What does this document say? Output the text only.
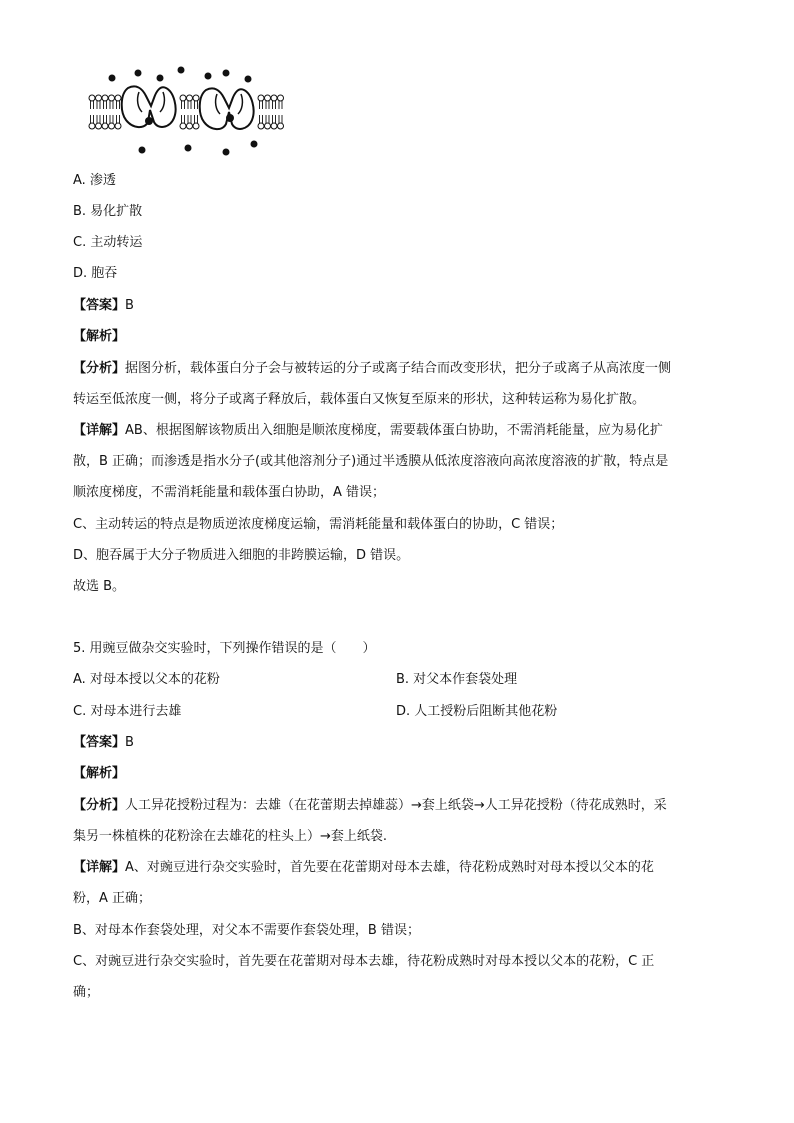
A. 渗透
B. 易化扩散
C. 主动转运
D. 胞吞
【答案】B
【解析】
【分析】据图分析，载体蛋白分子会与被转运的分子或离子结合而改变形状，把分子或离子从高浓度一侧
转运至低浓度一侧，将分子或离子释放后，载体蛋白又恢复至原来的形状，这种转运称为易化扩散。
【详解】AB、根据图解该物质出入细胞是顺浓度梯度，需要载体蛋白协助，不需消耗能量，应为易化扩
散，B 正确；而渗透是指水分子(或其他溶剂分子)通过半透膜从低浓度溶液向高浓度溶液的扩散，特点是
顺浓度梯度，不需消耗能量和载体蛋白协助，A 错误；
C、主动转运的特点是物质逆浓度梯度运输，需消耗能量和载体蛋白的协助，C 错误；
D、胞吞属于大分子物质进入细胞的非跨膜运输，D 错误。
故选 B。
5. 用豌豆做杂交实验时，下列操作错误的是（　　）
A. 对母本授以父本的花粉	B. 对父本作套袋处理
C. 对母本进行去雄	D. 人工授粉后阻断其他花粉
【答案】B
【解析】
【分析】人工异花授粉过程为：去雄（在花蕾期去掉雄蕊）→套上纸袋→人工异花授粉（待花成熟时，采
集另一株植株的花粉涂在去雄花的柱头上）→套上纸袋.
【详解】A、对豌豆进行杂交实验时，首先要在花蕾期对母本去雄，待花粉成熟时对母本授以父本的花
粉，A 正确；
B、对母本作套袋处理，对父本不需要作套袋处理，B 错误；
C、对豌豆进行杂交实验时，首先要在花蕾期对母本去雄，待花粉成熟时对母本授以父本的花粉，C 正
确；
